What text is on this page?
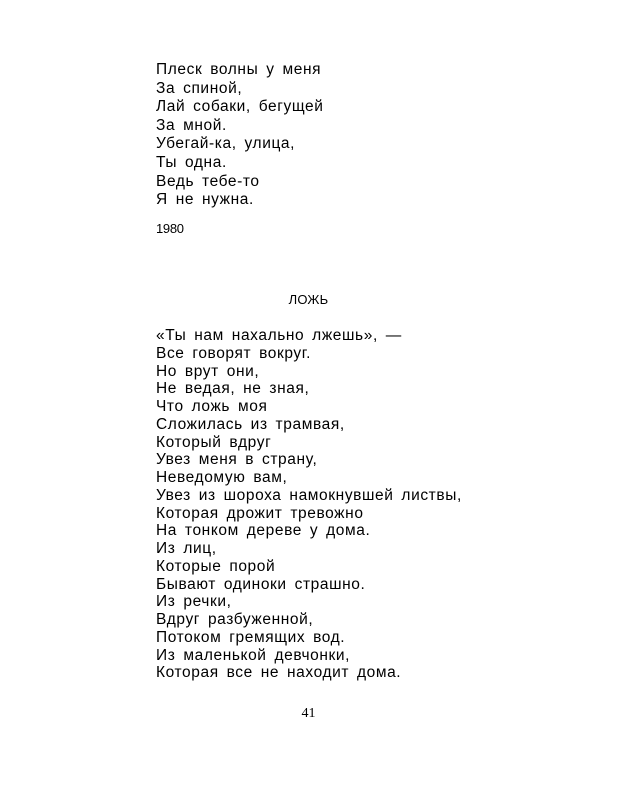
Плеск волны у меня
За спиной,
Лай собаки, бегущей
За мной.
Убегай-ка, улица,
Ты одна.
Ведь тебе-то
Я не нужна.
1980
ЛОЖЬ
«Ты нам нахально лжешь», —
Все говорят вокруг.
Но врут они,
Не ведая, не зная,
Что ложь моя
Сложилась из трамвая,
Который вдруг
Увез меня в страну,
Неведомую вам,
Увез из шороха намокнувшей листвы,
Которая дрожит тревожно
На тонком дереве у дома.
Из лиц,
Которые порой
Бывают одиноки страшно.
Из речки,
Вдруг разбуженной,
Потоком гремящих вод.
Из маленькой девчонки,
Которая все не находит дома.
41
